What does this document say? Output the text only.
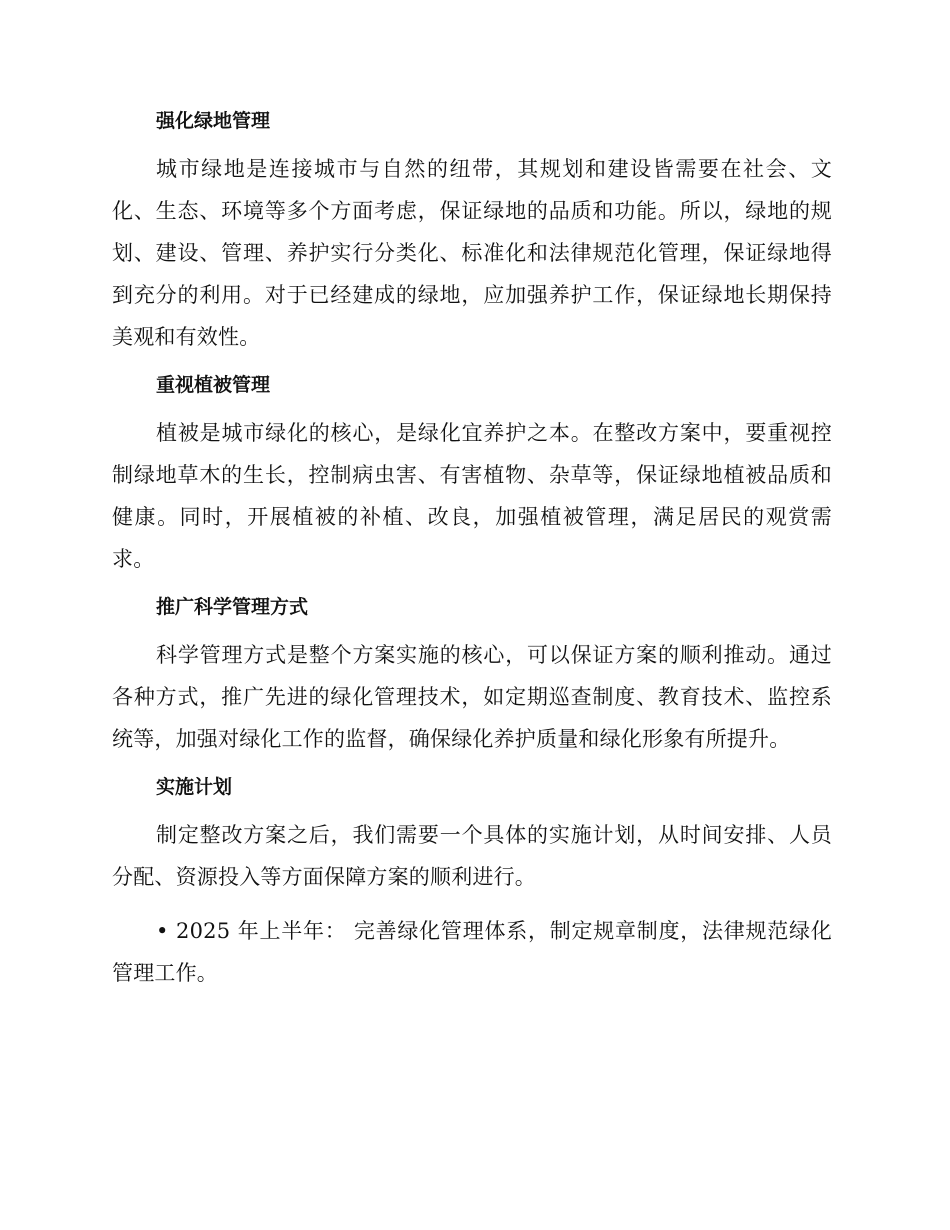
强化绿地管理

城市绿地是连接城市与自然的纽带，其规划和建设皆需要在社会、文化、生态、环境等多个方面考虑，保证绿地的品质和功能。所以，绿地的规划、建设、管理、养护实行分类化、标准化和法律规范化管理，保证绿地得到充分的利用。对于已经建成的绿地，应加强养护工作，保证绿地长期保持美观和有效性。

重视植被管理

植被是城市绿化的核心，是绿化宜养护之本。在整改方案中，要重视控制绿地草木的生长，控制病虫害、有害植物、杂草等，保证绿地植被品质和健康。同时，开展植被的补植、改良，加强植被管理，满足居民的观赏需求。

推广科学管理方式

科学管理方式是整个方案实施的核心，可以保证方案的顺利推动。通过各种方式，推广先进的绿化管理技术，如定期巡查制度、教育技术、监控系统等，加强对绿化工作的监督，确保绿化养护质量和绿化形象有所提升。

实施计划

制定整改方案之后，我们需要一个具体的实施计划，从时间安排、人员分配、资源投入等方面保障方案的顺利进行。

• 2025 年上半年： 完善绿化管理体系，制定规章制度，法律规范绿化管理工作。
